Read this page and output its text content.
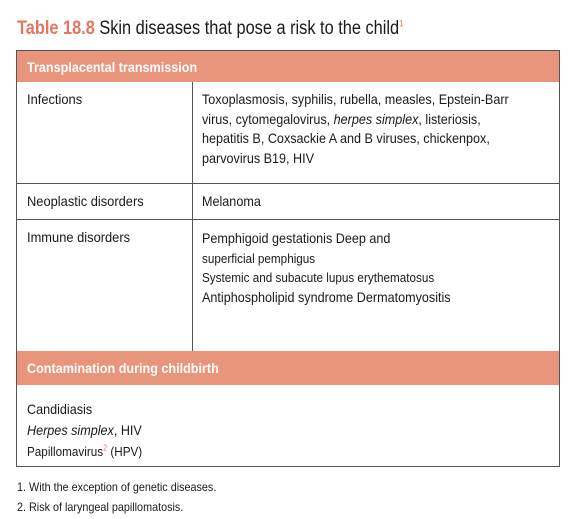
Table 18.8 Skin diseases that pose a risk to the child$^1$
Transplacental transmission
Infections	Toxoplasmosis, syphilis, rubella, measles, Epstein-Barr
virus, cytomegalovirus, herpes simplex, listeriosis,
hepatitis B, Coxsackie A and B viruses, chickenpox,
parvovirus B19, HIV
Neoplastic disorders	Melanoma
Immune disorders	Pemphigoid gestationis Deep and
superficial pemphigus
Systemic and subacute lupus erythematosus
Antiphospholipid syndrome Dermatomyositis
Contamination during childbirth
Candidiasis
Herpes simplex, HIV
Papillomavirus$^2$ (HPV)
1. With the exception of genetic diseases.
2. Risk of laryngeal papillomatosis.
